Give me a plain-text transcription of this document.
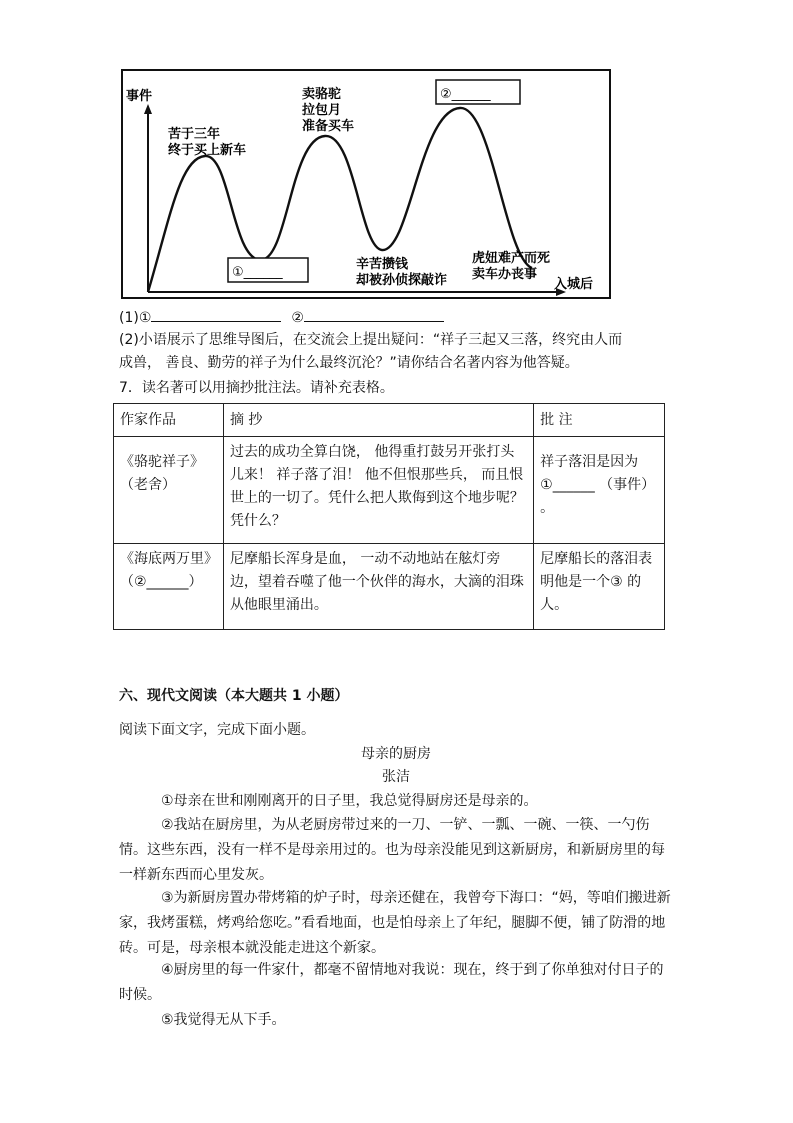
事件
入城后
苦于三年
终于买上新车
卖骆驼
拉包月
准备买车
辛苦攒钱
却被孙侦探敲诈
虎妞难产而死
卖车办丧事
①______
②______
(1)①	②
(2)小语展示了思维导图后，在交流会上提出疑问：“祥子三起又三落，终究由人而
成兽， 善良、勤劳的祥子为什么最终沉沦？”请你结合名著内容为他答疑。
7．读名著可以用摘抄批注法。请补充表格。
作家作品	摘 抄	批 注
《骆驼祥子》（老舍）	过去的成功全算白饶， 他得重打鼓另开张打头儿来！ 祥子落了泪！ 他不但恨那些兵， 而且恨世上的一切了。凭什么把人欺侮到这个地步呢？ 凭什么？	祥子落泪是因为 ①______ （事件） 。
《海底两万里》（②______）	尼摩船长浑身是血， 一动不动地站在舷灯旁边，望着吞噬了他一个伙伴的海水，大滴的泪珠从他眼里涌出。	尼摩船长的落泪表明他是一个③ 的人。
六、现代文阅读（本大题共 1 小题）
阅读下面文字，完成下面小题。
母亲的厨房
张洁
①母亲在世和刚刚离开的日子里，我总觉得厨房还是母亲的。
②我站在厨房里，为从老厨房带过来的一刀、一铲、一瓢、一碗、一筷、一勺伤情。这些东西，没有一样不是母亲用过的。也为母亲没能见到这新厨房，和新厨房里的每一样新东西而心里发灰。
③为新厨房置办带烤箱的炉子时，母亲还健在，我曾夸下海口：“妈，等咱们搬进新家，我烤蛋糕，烤鸡给您吃。”看看地面，也是怕母亲上了年纪，腿脚不便，铺了防滑的地砖。可是，母亲根本就没能走进这个新家。
④厨房里的每一件家什，都毫不留情地对我说：现在，终于到了你单独对付日子的时候。
⑤我觉得无从下手。
